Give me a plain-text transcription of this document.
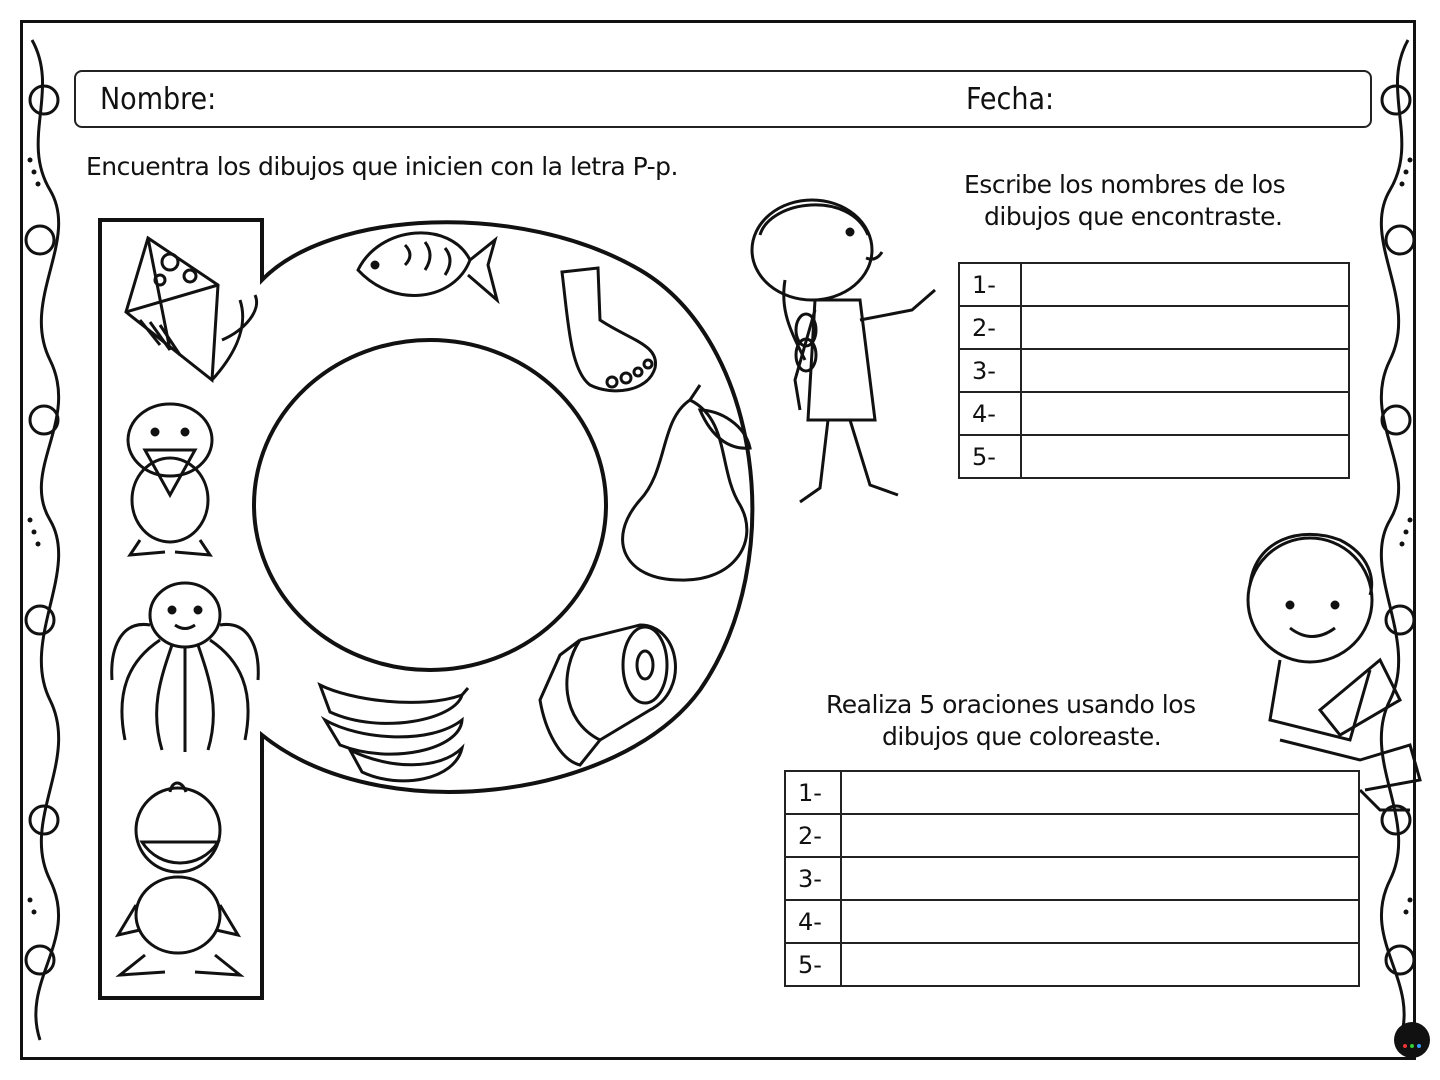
Nombre:	Fecha:
Encuentra los dibujos que inicien con la letra P-p.
Escribe los nombres de los
dibujos que encontraste.
1-	
2-	
3-	
4-	
5-	
Realiza 5 oraciones usando los
dibujos que coloreaste.
1-	
2-	
3-	
4-	
5-	
